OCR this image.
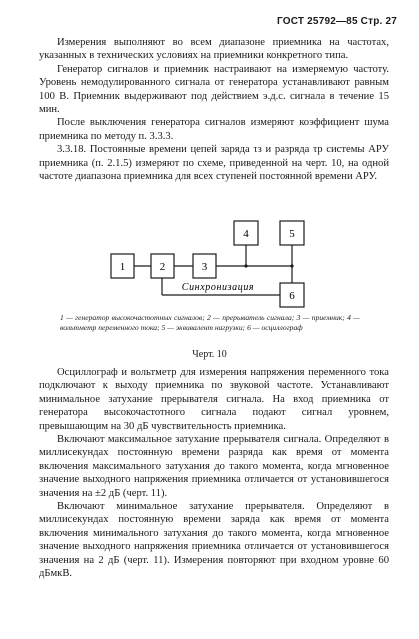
ГОСТ 25792—85 Стр. 27

Измерения выполняют во всем диапазоне приемника на частотах, указанных в технических условиях на приемники конкретного типа.

Генератор сигналов и приемник настраивают на измеряемую частоту. Уровень немодулированного сигнала от генератора устанавливают равным 100 В. Приемник выдерживают под действием э.д.с. сигнала в течение 15 мин.

После выключения генератора сигналов измеряют коэффициент шума приемника по методу п. 3.3.3.

3.3.18. Постоянные времени цепей заряда τз и разряда τр системы АРУ приемника (п. 2.1.5) измеряют по схеме, приведенной на черт. 10, на одной частоте диапазона приемника для всех ступеней постоянной времени АРУ.

1	2	3
4	5
6
Синхронизация
1 — генератор высокочастотных сигналов; 2 — прерыватель сигнала; 3 — приемник; 4 — вольтметр переменного тока; 5 — эквивалент нагрузки; 6 — осциллограф
Черт. 10

Осциллограф и вольтметр для измерения напряжения переменного тока подключают к выходу приемника по звуковой частоте. Устанавливают минимальное затухание прерывателя сигнала. На вход приемника от генератора высокочастотного сигнала подают сигнал уровнем, превышающим на 30 дБ чувствительность приемника.

Включают максимальное затухание прерывателя сигнала. Определяют в миллисекундах постоянную времени разряда как время от момента включения максимального затухания до такого момента, когда мгновенное значение выходного напряжения приемника отличается от установившегося значения на ±2 дБ (черт. 11).

Включают минимальное затухание прерывателя. Определяют в миллисекундах постоянную времени заряда как время от момента включения минимального затухания до такого момента, когда мгновенное значение выходного напряжения приемника отличается от установившегося значения на 2 дБ (черт. 11). Измерения повторяют при входном уровне 60 дБмкВ.
